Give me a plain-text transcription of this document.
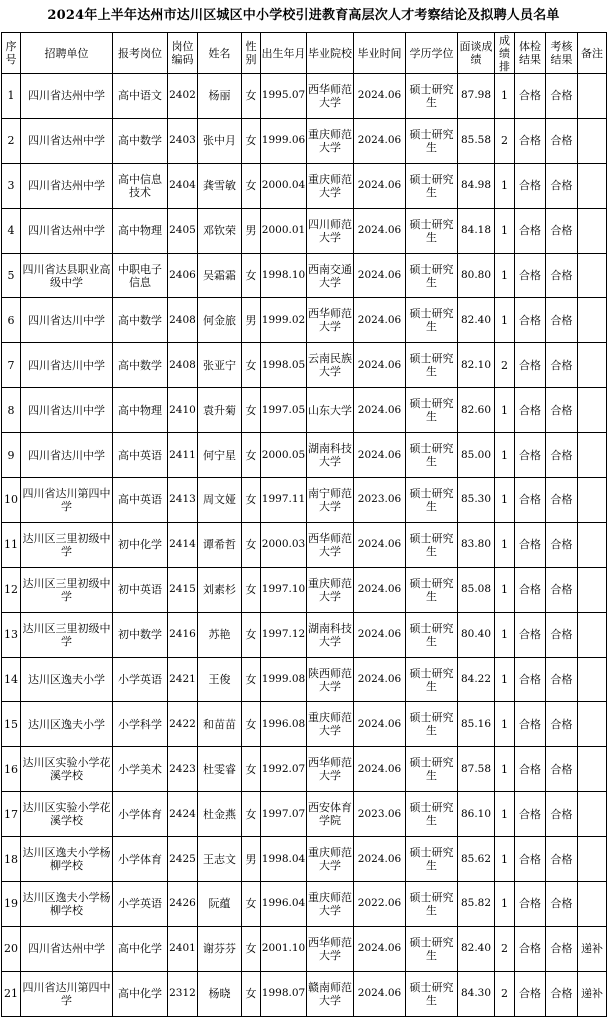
2024年上半年达州市达川区城区中小学校引进教育高层次人才考察结论及拟聘人员名单
序号	招聘单位	报考岗位	岗位编码	姓名	性别	出生年月	毕业院校	毕业时间	学历学位	面谈成绩	成绩排	体检结果	考核结果	备注
1	四川省达州中学	高中语文	2402	杨丽	女	1995.07	西华师范大学	2024.06	硕士研究生	87.98	1	合格	合格	
2	四川省达州中学	高中数学	2403	张中月	女	1999.06	重庆师范大学	2024.06	硕士研究生	85.58	2	合格	合格	
3	四川省达州中学	高中信息技术	2404	龚雪敏	女	2000.04	重庆师范大学	2024.06	硕士研究生	84.98	1	合格	合格	
4	四川省达州中学	高中物理	2405	邓钦荣	男	2000.01	四川师范大学	2024.06	硕士研究生	84.18	1	合格	合格	
5	四川省达县职业高级中学	中职电子信息	2406	吴霜霜	女	1998.10	西南交通大学	2024.06	硕士研究生	80.80	1	合格	合格	
6	四川省达川中学	高中数学	2408	何金旅	男	1999.02	西华师范大学	2024.06	硕士研究生	82.40	1	合格	合格	
7	四川省达川中学	高中数学	2408	张亚宁	女	1998.05	云南民族大学	2024.06	硕士研究生	82.10	2	合格	合格	
8	四川省达川中学	高中物理	2410	袁升菊	女	1997.05	山东大学	2024.06	硕士研究生	82.60	1	合格	合格	
9	四川省达川中学	高中英语	2411	何宁星	女	2000.05	湖南科技大学	2024.06	硕士研究生	85.00	1	合格	合格	
10	四川省达川第四中学	高中英语	2413	周文娅	女	1997.11	南宁师范大学	2023.06	硕士研究生	85.30	1	合格	合格	
11	达川区三里初级中学	初中化学	2414	谭希哲	女	2000.03	西华师范大学	2024.06	硕士研究生	83.80	1	合格	合格	
12	达川区三里初级中学	初中英语	2415	刘素杉	女	1997.10	重庆师范大学	2024.06	硕士研究生	85.08	1	合格	合格	
13	达川区三里初级中学	初中数学	2416	苏艳	女	1997.12	湖南科技大学	2024.06	硕士研究生	80.40	1	合格	合格	
14	达川区逸夫小学	小学英语	2421	王俊	女	1999.08	陕西师范大学	2024.06	硕士研究生	84.22	1	合格	合格	
15	达川区逸夫小学	小学科学	2422	和苗苗	女	1996.08	重庆师范大学	2024.06	硕士研究生	85.16	1	合格	合格	
16	达川区实验小学花溪学校	小学美术	2423	杜雯睿	女	1992.07	西华师范大学	2024.06	硕士研究生	87.58	1	合格	合格	
17	达川区实验小学花溪学校	小学体育	2424	杜金燕	女	1997.07	西安体育学院	2023.06	硕士研究生	86.10	1	合格	合格	
18	达川区逸夫小学杨柳学校	小学体育	2425	王志文	男	1998.04	重庆师范大学	2024.06	硕士研究生	85.62	1	合格	合格	
19	达川区逸夫小学杨柳学校	小学英语	2426	阮蕴	女	1996.04	重庆师范大学	2022.06	硕士研究生	85.82	1	合格	合格	
20	四川省达州中学	高中化学	2401	谢芬芬	女	2001.10	西华师范大学	2024.06	硕士研究生	82.40	2	合格	合格	递补
21	四川省达川第四中学	高中化学	2312	杨晓	女	1998.07	赣南师范大学	2024.06	硕士研究生	84.30	2	合格	合格	递补
